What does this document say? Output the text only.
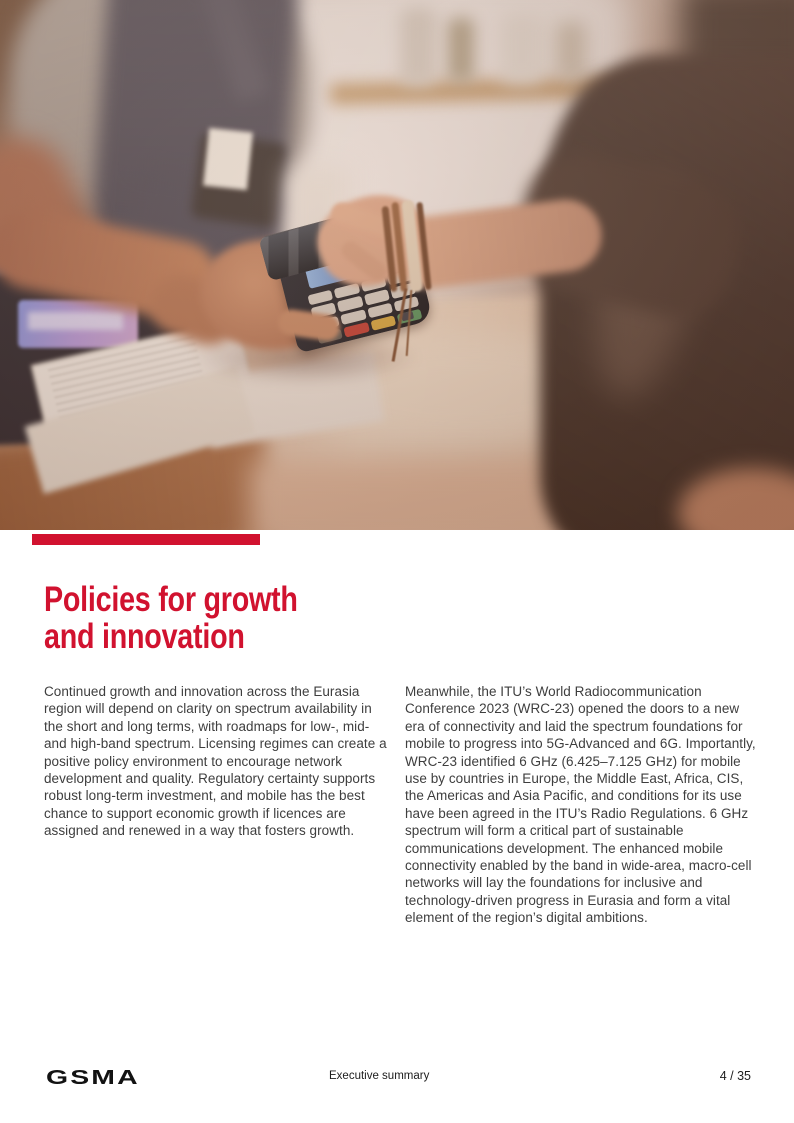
Policies for growth
and innovation

Continued growth and innovation across the Eurasia region will depend on clarity on spectrum availability in the short and long terms, with roadmaps for low-, mid- and high-band spectrum. Licensing regimes can create a positive policy environment to encourage network development and quality. Regulatory certainty supports robust long-term investment, and mobile has the best chance to support economic growth if licences are assigned and renewed in a way that fosters growth.

Meanwhile, the ITU’s World Radiocommunication Conference 2023 (WRC-23) opened the doors to a new era of connectivity and laid the spectrum foundations for mobile to progress into 5G-Advanced and 6G. Importantly, WRC-23 identified 6 GHz (6.425–7.125 GHz) for mobile use by countries in Europe, the Middle East, Africa, CIS, the Americas and Asia Pacific, and conditions for its use have been agreed in the ITU’s Radio Regulations. 6 GHz spectrum will form a critical part of sustainable communications development. The enhanced mobile connectivity enabled by the band in wide-area, macro-cell networks will lay the foundations for inclusive and technology-driven progress in Eurasia and form a vital element of the region’s digital ambitions.

GSMA	Executive summary	4 / 35
